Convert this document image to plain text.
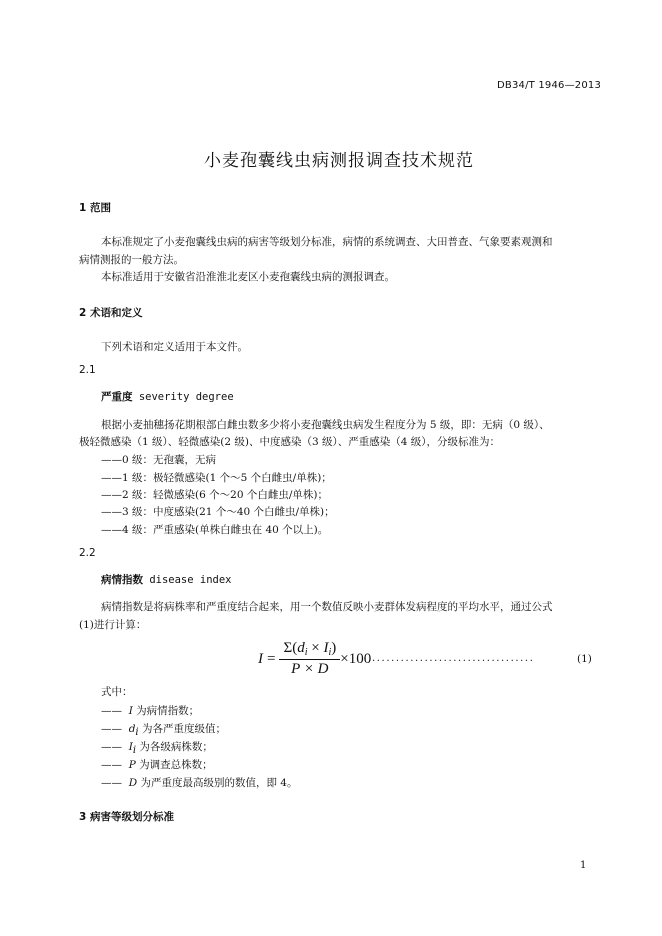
DB34/T 1946—2013
小麦孢囊线虫病测报调查技术规范
1 范围
本标准规定了小麦孢囊线虫病的病害等级划分标准，病情的系统调查、大田普查、气象要素观测和
病情测报的一般方法。
本标准适用于安徽省沿淮淮北麦区小麦孢囊线虫病的测报调查。
2 术语和定义
下列术语和定义适用于本文件。
2.1
严重度 severity degree
根据小麦抽穗扬花期根部白雌虫数多少将小麦孢囊线虫病发生程度分为 5 级，即：无病（0 级）、
极轻微感染（1 级）、轻微感染(2 级)、中度感染（3 级）、严重感染（4 级），分级标准为：
——0 级：无孢囊，无病
——1 级：极轻微感染(1 个～5 个白雌虫/单株)；
——2 级：轻微感染(6 个～20 个白雌虫/单株)；
——3 级：中度感染(21 个～40 个白雌虫/单株)；
——4 级：严重感染(单株白雌虫在 40 个以上)。
2.2
病情指数 disease index
病情指数是将病株率和严重度结合起来，用一个数值反映小麦群体发病程度的平均水平，通过公式
(1)进行计算：
$I = \frac{\Sigma(d_i \times I_i)}{P \times D} \times 100$ ..................................	(1)
式中：
—— I 为病情指数；
—— di 为各严重度级值；
—— Ii 为各级病株数；
—— P 为调查总株数；
—— D 为严重度最高级别的数值，即 4。
3 病害等级划分标准
1
